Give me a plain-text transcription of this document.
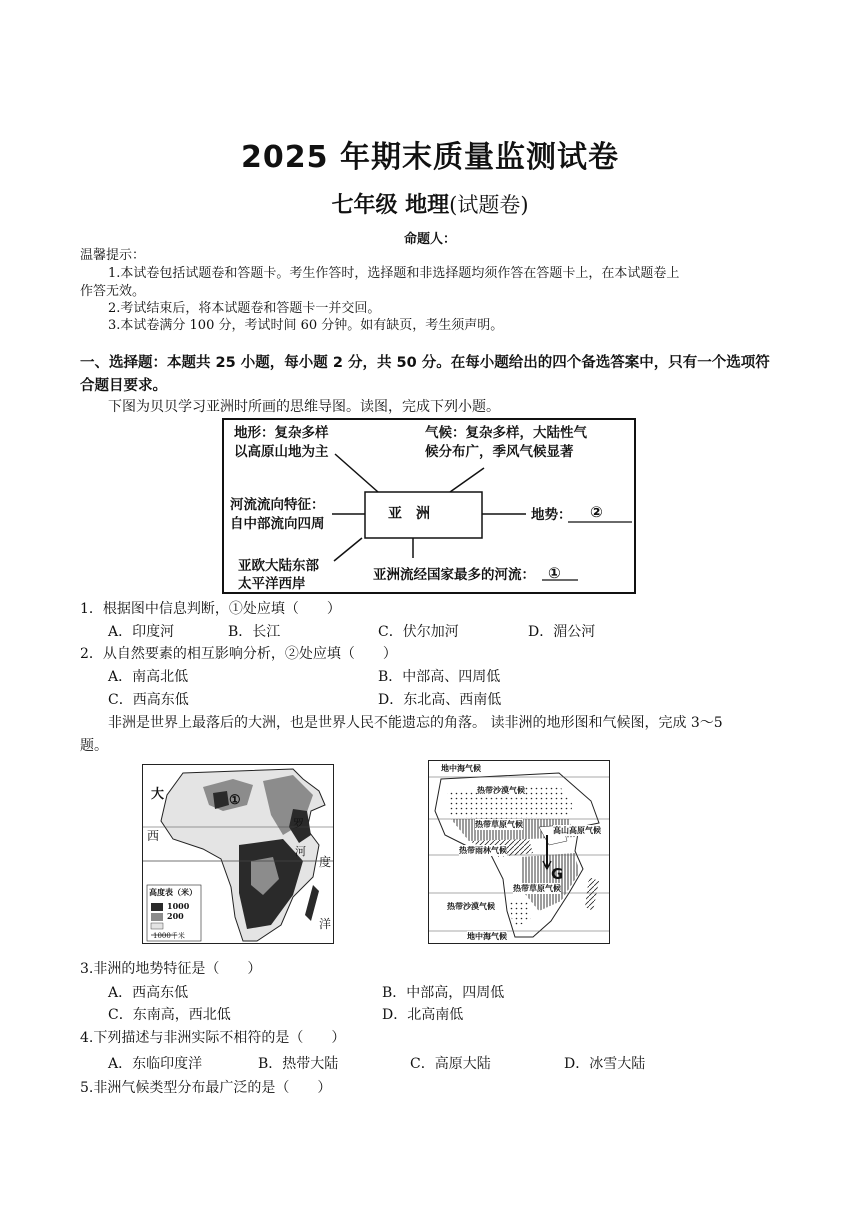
2025 年期末质量监测试卷
七年级 地理(试题卷)
命题人：
温馨提示：
1.本试卷包括试题卷和答题卡。考生作答时，选择题和非选择题均须作答在答题卡上，在本试题卷上
作答无效。
2.考试结束后，将本试题卷和答题卡一并交回。
3.本试卷满分 100 分，考试时间 60 分钟。如有缺页，考生须声明。
一、选择题：本题共 25 小题，每小题 2 分，共 50 分。在每小题给出的四个备选答案中，只有一个选项符
合题目要求。
下图为贝贝学习亚洲时所画的思维导图。读图，完成下列小题。
亚　洲
地形：复杂多样
以高原山地为主
气候：复杂多样，大陆性气
候分布广，季风气候显著
河流流向特征：
自中部流向四周
亚欧大陆东部
太平洋西岸
地势： ②
亚洲流经国家最多的河流： ①
1．根据图中信息判断，①处应填（　　）
A．印度河	B．长江	C．伏尔加河	D．湄公河
2．从自然要素的相互影响分析，②处应填（　　）
A．南高北低	B．中部高、四周低
C．西高东低	D．东北高、西南低
非洲是世界上最落后的大洲，也是世界人民不能遗忘的角落。 读非洲的地形图和气候图，完成 3～5
题。
大
西
度
洋
罗
河
①
高度表（米）
1000
200
1000千米
地中海气候
热带沙漠气候
热带草原气候
高山高原气候
热带雨林气候
热带草原气候
热带沙漠气候
地中海气候
G
3.非洲的地势特征是（　　）
A．西高东低	B．中部高，四周低
C．东南高，西北低	D．北高南低
4.下列描述与非洲实际不相符的是（　　）
A．东临印度洋	B．热带大陆	C．高原大陆	D．冰雪大陆
5.非洲气候类型分布最广泛的是（　　）
